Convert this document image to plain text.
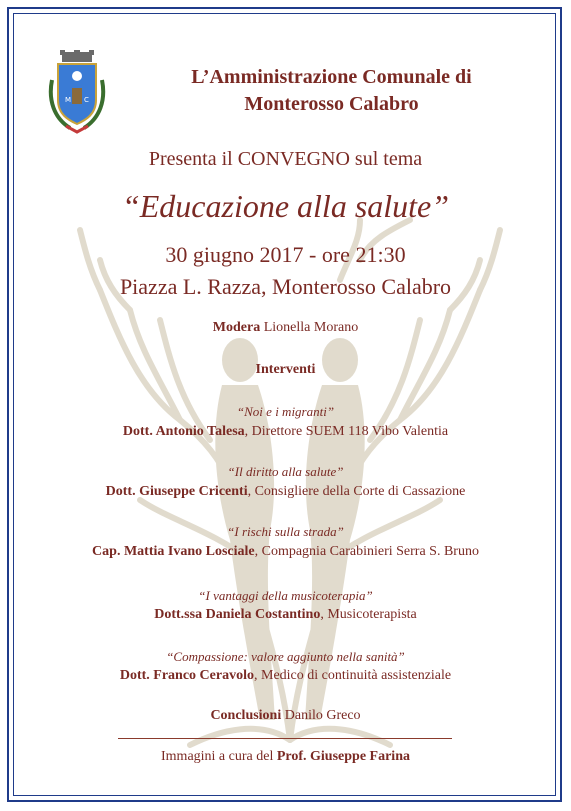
M C
L’Amministrazione Comunale di
Monterosso Calabro
Presenta il CONVEGNO sul tema
“Educazione alla salute”
30 giugno 2017 - ore 21:30
Piazza L. Razza, Monterosso Calabro
Modera Lionella Morano
Interventi
“Noi e i migranti”
Dott. Antonio Talesa, Direttore SUEM 118 Vibo Valentia
“Il diritto alla salute”
Dott. Giuseppe Cricenti, Consigliere della Corte di Cassazione
“I rischi sulla strada”
Cap. Mattia Ivano Losciale, Compagnia Carabinieri Serra S. Bruno
“I vantaggi della musicoterapia”
Dott.ssa Daniela Costantino, Musicoterapista
“Compassione: valore aggiunto nella sanità”
Dott. Franco Ceravolo, Medico di continuità assistenziale
Conclusioni Danilo Greco
Immagini a cura del Prof. Giuseppe Farina
